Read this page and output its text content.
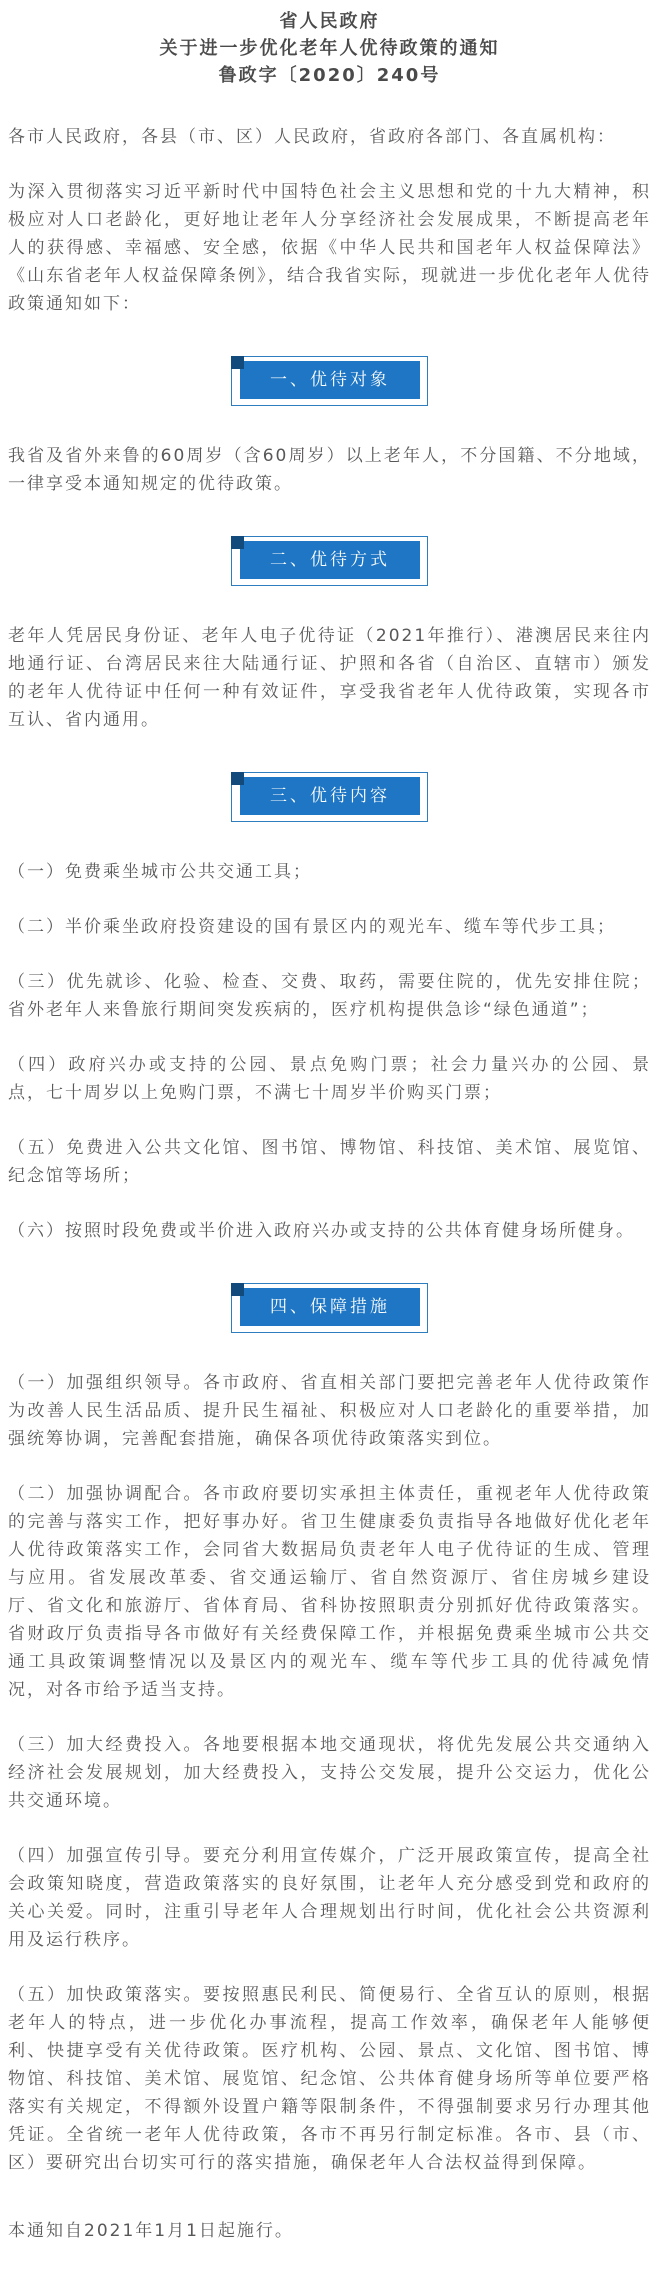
省人民政府
关于进一步优化老年人优待政策的通知
鲁政字〔2020〕240号

各市人民政府，各县（市、区）人民政府，省政府各部门、各直属机构：

为深入贯彻落实习近平新时代中国特色社会主义思想和党的十九大精神，积极应对人口老龄化，更好地让老年人分享经济社会发展成果，不断提高老年人的获得感、幸福感、安全感，依据《中华人民共和国老年人权益保障法》《山东省老年人权益保障条例》，结合我省实际，现就进一步优化老年人优待政策通知如下：

一、优待对象

我省及省外来鲁的60周岁（含60周岁）以上老年人，不分国籍、不分地域，一律享受本通知规定的优待政策。

二、优待方式

老年人凭居民身份证、老年人电子优待证（2021年推行）、港澳居民来往内地通行证、台湾居民来往大陆通行证、护照和各省（自治区、直辖市）颁发的老年人优待证中任何一种有效证件，享受我省老年人优待政策，实现各市互认、省内通用。

三、优待内容

（一）免费乘坐城市公共交通工具；

（二）半价乘坐政府投资建设的国有景区内的观光车、缆车等代步工具；

（三）优先就诊、化验、检查、交费、取药，需要住院的，优先安排住院；省外老年人来鲁旅行期间突发疾病的，医疗机构提供急诊“绿色通道”；

（四）政府兴办或支持的公园、景点免购门票；社会力量兴办的公园、景点，七十周岁以上免购门票，不满七十周岁半价购买门票；

（五）免费进入公共文化馆、图书馆、博物馆、科技馆、美术馆、展览馆、纪念馆等场所；

（六）按照时段免费或半价进入政府兴办或支持的公共体育健身场所健身。

四、保障措施

（一）加强组织领导。各市政府、省直相关部门要把完善老年人优待政策作为改善人民生活品质、提升民生福祉、积极应对人口老龄化的重要举措，加强统筹协调，完善配套措施，确保各项优待政策落实到位。

（二）加强协调配合。各市政府要切实承担主体责任，重视老年人优待政策的完善与落实工作，把好事办好。省卫生健康委负责指导各地做好优化老年人优待政策落实工作，会同省大数据局负责老年人电子优待证的生成、管理与应用。省发展改革委、省交通运输厅、省自然资源厅、省住房城乡建设厅、省文化和旅游厅、省体育局、省科协按照职责分别抓好优待政策落实。省财政厅负责指导各市做好有关经费保障工作，并根据免费乘坐城市公共交通工具政策调整情况以及景区内的观光车、缆车等代步工具的优待减免情况，对各市给予适当支持。

（三）加大经费投入。各地要根据本地交通现状，将优先发展公共交通纳入经济社会发展规划，加大经费投入，支持公交发展，提升公交运力，优化公共交通环境。

（四）加强宣传引导。要充分利用宣传媒介，广泛开展政策宣传，提高全社会政策知晓度，营造政策落实的良好氛围，让老年人充分感受到党和政府的关心关爱。同时，注重引导老年人合理规划出行时间，优化社会公共资源利用及运行秩序。

（五）加快政策落实。要按照惠民利民、简便易行、全省互认的原则，根据老年人的特点，进一步优化办事流程，提高工作效率，确保老年人能够便利、快捷享受有关优待政策。医疗机构、公园、景点、文化馆、图书馆、博物馆、科技馆、美术馆、展览馆、纪念馆、公共体育健身场所等单位要严格落实有关规定，不得额外设置户籍等限制条件，不得强制要求另行办理其他凭证。全省统一老年人优待政策，各市不再另行制定标准。各市、县（市、区）要研究出台切实可行的落实措施，确保老年人合法权益得到保障。

本通知自2021年1月1日起施行。
